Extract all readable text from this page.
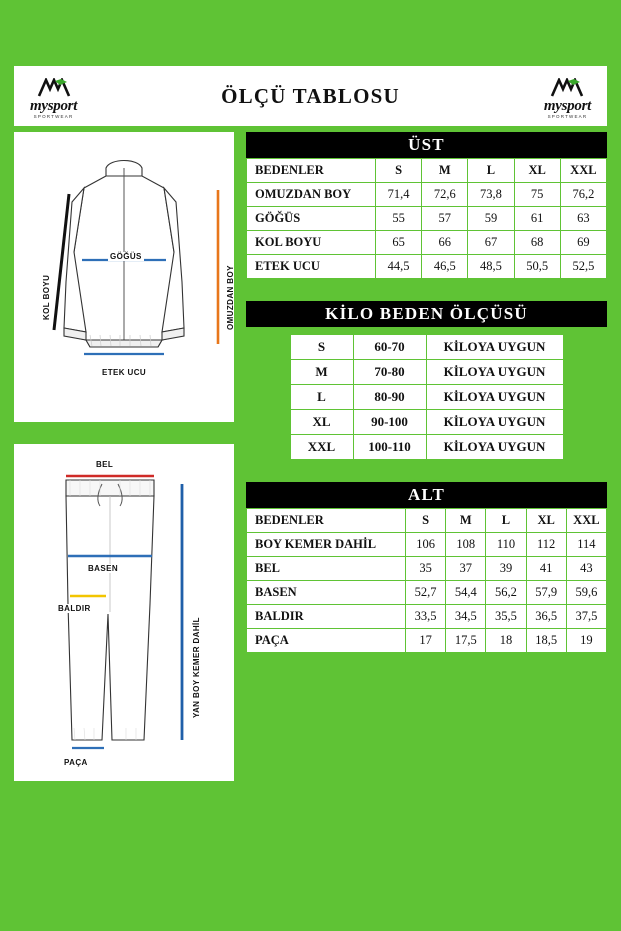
mysport
SPORTWEAR
ÖLÇÜ TABLOSU	mysport
SPORTWEAR
KOL BOYU
GÖĞÜS
OMUZDAN BOY
ETEK UCU
BEL
BASEN
BALDIR
YAN BOY KEMER DAHİL
PAÇA
ÜST
BEDENLER	S	M	L	XL	XXL
OMUZDAN BOY	71,4	72,6	73,8	75	76,2
GÖĞÜS	55	57	59	61	63
KOL BOYU	65	66	67	68	69
ETEK UCU	44,5	46,5	48,5	50,5	52,5
KİLO BEDEN ÖLÇÜSÜ
S	60-70	KİLOYA UYGUN
M	70-80	KİLOYA UYGUN
L	80-90	KİLOYA UYGUN
XL	90-100	KİLOYA UYGUN
XXL	100-110	KİLOYA UYGUN
ALT
BEDENLER	S	M	L	XL	XXL
BOY KEMER DAHİL	106	108	110	112	114
BEL	35	37	39	41	43
BASEN	52,7	54,4	56,2	57,9	59,6
BALDIR	33,5	34,5	35,5	36,5	37,5
PAÇA	17	17,5	18	18,5	19
